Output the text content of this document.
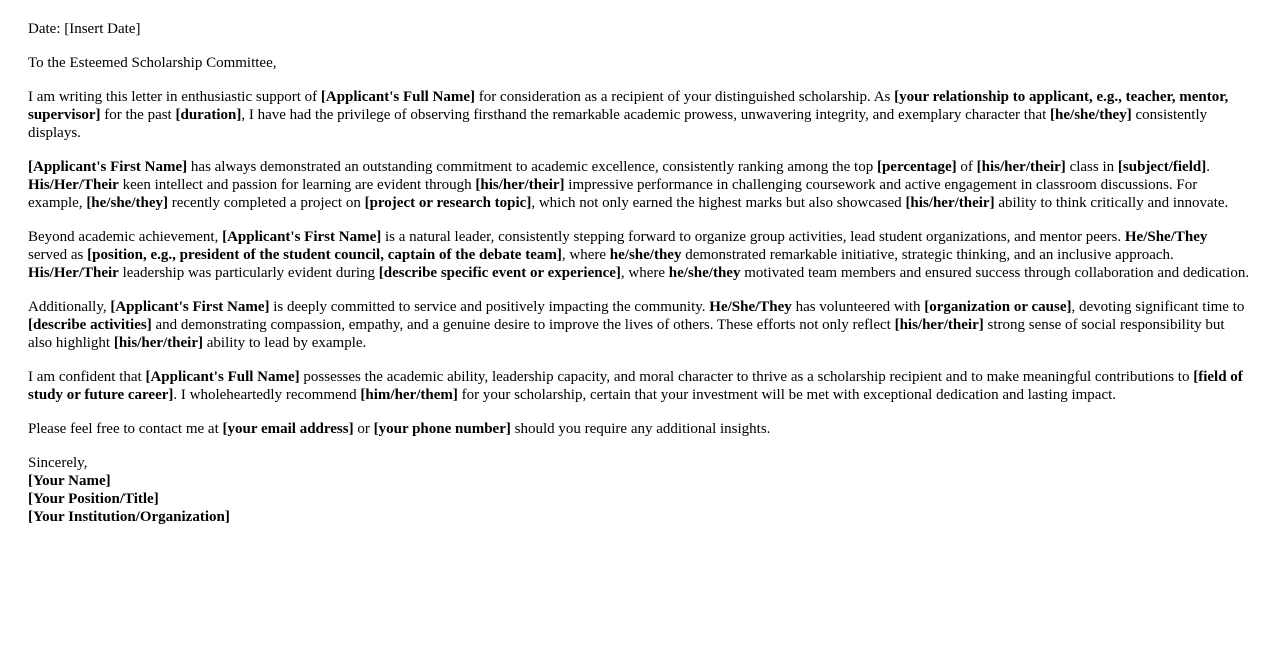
Date: [Insert Date]

To the Esteemed Scholarship Committee,

I am writing this letter in enthusiastic support of [Applicant's Full Name] for consideration as a recipient of your distinguished scholarship. As [your relationship to applicant, e.g., teacher, mentor, supervisor] for the past [duration], I have had the privilege of observing firsthand the remarkable academic prowess, unwavering integrity, and exemplary character that [he/she/they] consistently displays.

[Applicant's First Name] has always demonstrated an outstanding commitment to academic excellence, consistently ranking among the top [percentage] of [his/her/their] class in [subject/field]. His/Her/Their keen intellect and passion for learning are evident through [his/her/their] impressive performance in challenging coursework and active engagement in classroom discussions. For example, [he/she/they] recently completed a project on [project or research topic], which not only earned the highest marks but also showcased [his/her/their] ability to think critically and innovate.

Beyond academic achievement, [Applicant's First Name] is a natural leader, consistently stepping forward to organize group activities, lead student organizations, and mentor peers. He/She/They served as [position, e.g., president of the student council, captain of the debate team], where he/she/they demonstrated remarkable initiative, strategic thinking, and an inclusive approach. His/Her/Their leadership was particularly evident during [describe specific event or experience], where he/she/they motivated team members and ensured success through collaboration and dedication.

Additionally, [Applicant's First Name] is deeply committed to service and positively impacting the community. He/She/They has volunteered with [organization or cause], devoting significant time to [describe activities] and demonstrating compassion, empathy, and a genuine desire to improve the lives of others. These efforts not only reflect [his/her/their] strong sense of social responsibility but also highlight [his/her/their] ability to lead by example.

I am confident that [Applicant's Full Name] possesses the academic ability, leadership capacity, and moral character to thrive as a scholarship recipient and to make meaningful contributions to [field of study or future career]. I wholeheartedly recommend [him/her/them] for your scholarship, certain that your investment will be met with exceptional dedication and lasting impact.

Please feel free to contact me at [your email address] or [your phone number] should you require any additional insights.

Sincerely,

[Your Name]
[Your Position/Title]
[Your Institution/Organization]
